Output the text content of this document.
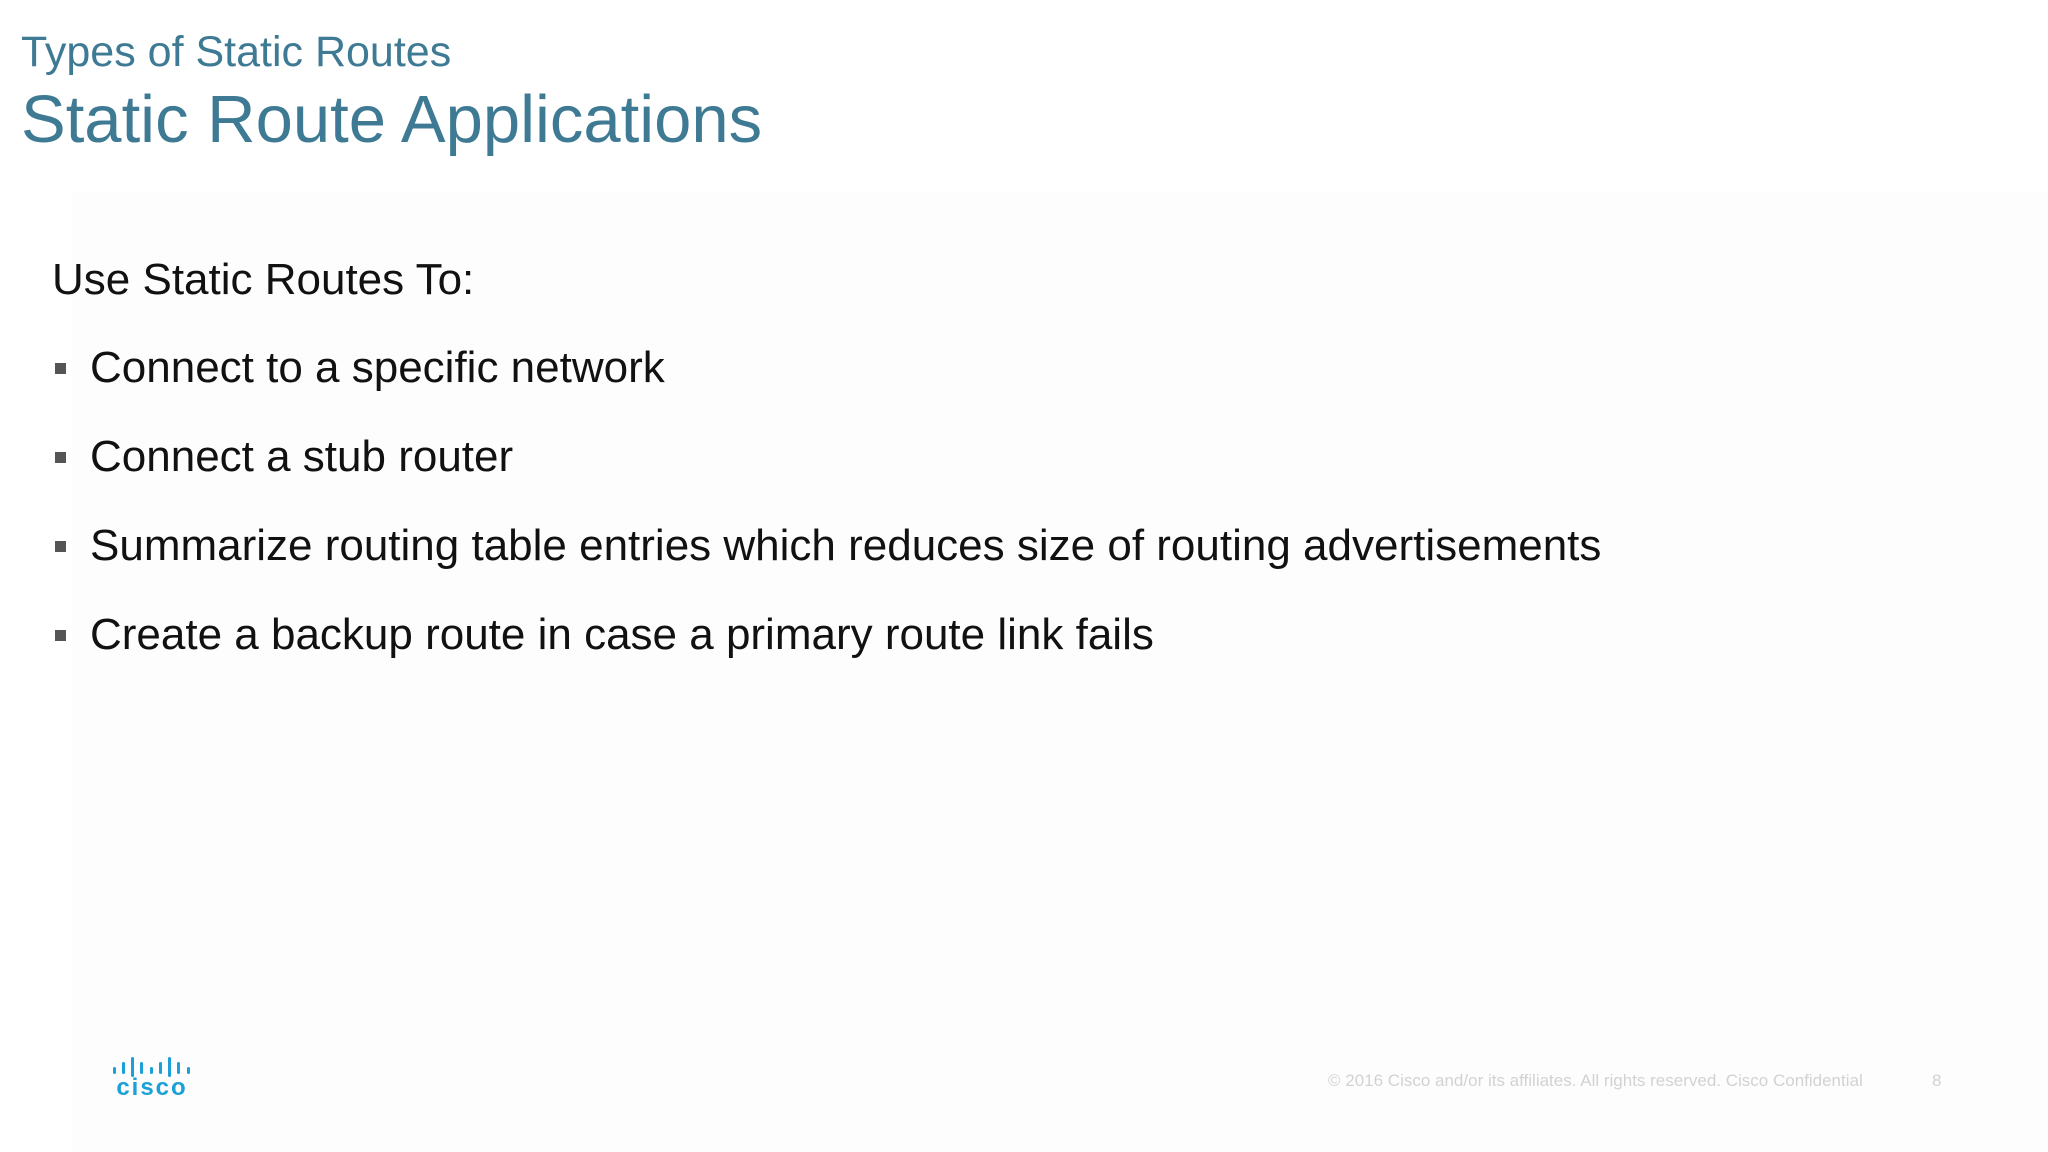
Types of Static Routes
Static Route Applications
Use Static Routes To:
Connect to a specific network
Connect a stub router
Summarize routing table entries which reduces size of routing advertisements
Create a backup route in case a primary route link fails
cisco	© 2016 Cisco and/or its affiliates. All rights reserved. Cisco Confidential	8
